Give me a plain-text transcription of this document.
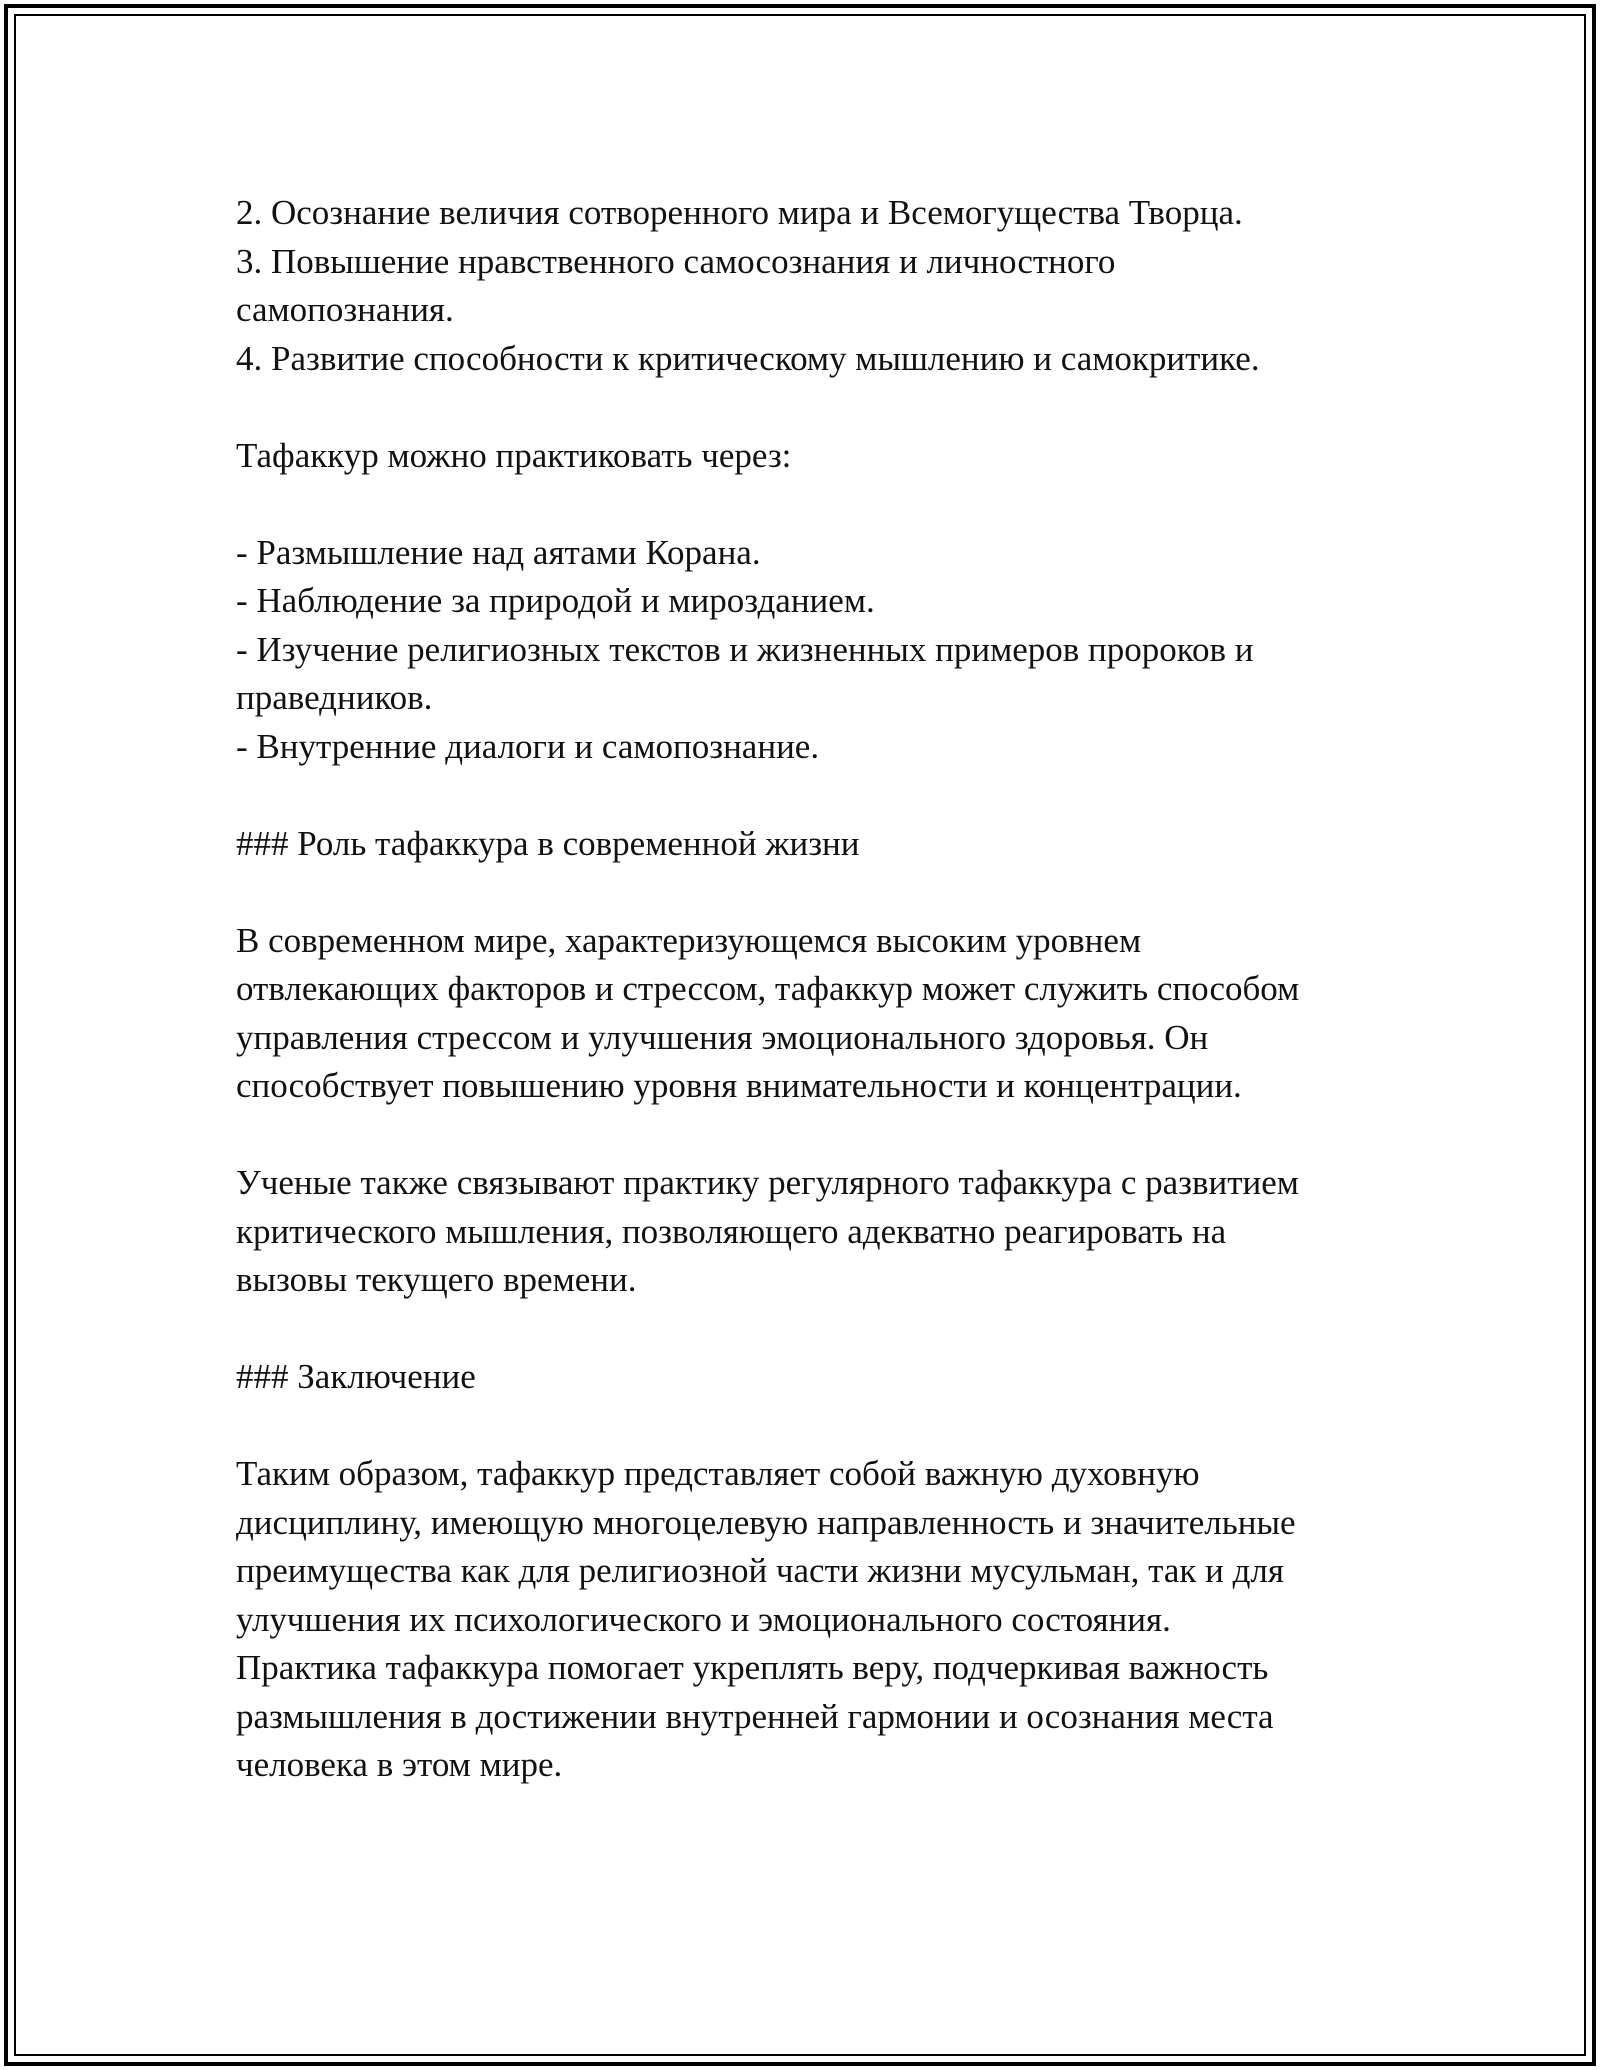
2. Осознание величия сотворенного мира и Всемогущества Творца.

3. Повышение нравственного самосознания и личностного

самопознания.

4. Развитие способности к критическому мышлению и самокритике.

Тафаккур можно практиковать через:

- Размышление над аятами Корана.

- Наблюдение за природой и мирозданием.

- Изучение религиозных текстов и жизненных примеров пророков и

праведников.

- Внутренние диалоги и самопознание.

### Роль тафаккура в современной жизни

В современном мире, характеризующемся высоким уровнем

отвлекающих факторов и стрессом, тафаккур может служить способом

управления стрессом и улучшения эмоционального здоровья. Он

способствует повышению уровня внимательности и концентрации.

Ученые также связывают практику регулярного тафаккура с развитием

критического мышления, позволяющего адекватно реагировать на

вызовы текущего времени.

### Заключение

Таким образом, тафаккур представляет собой важную духовную

дисциплину, имеющую многоцелевую направленность и значительные

преимущества как для религиозной части жизни мусульман, так и для

улучшения их психологического и эмоционального состояния.

Практика тафаккура помогает укреплять веру, подчеркивая важность

размышления в достижении внутренней гармонии и осознания места

человека в этом мире.
